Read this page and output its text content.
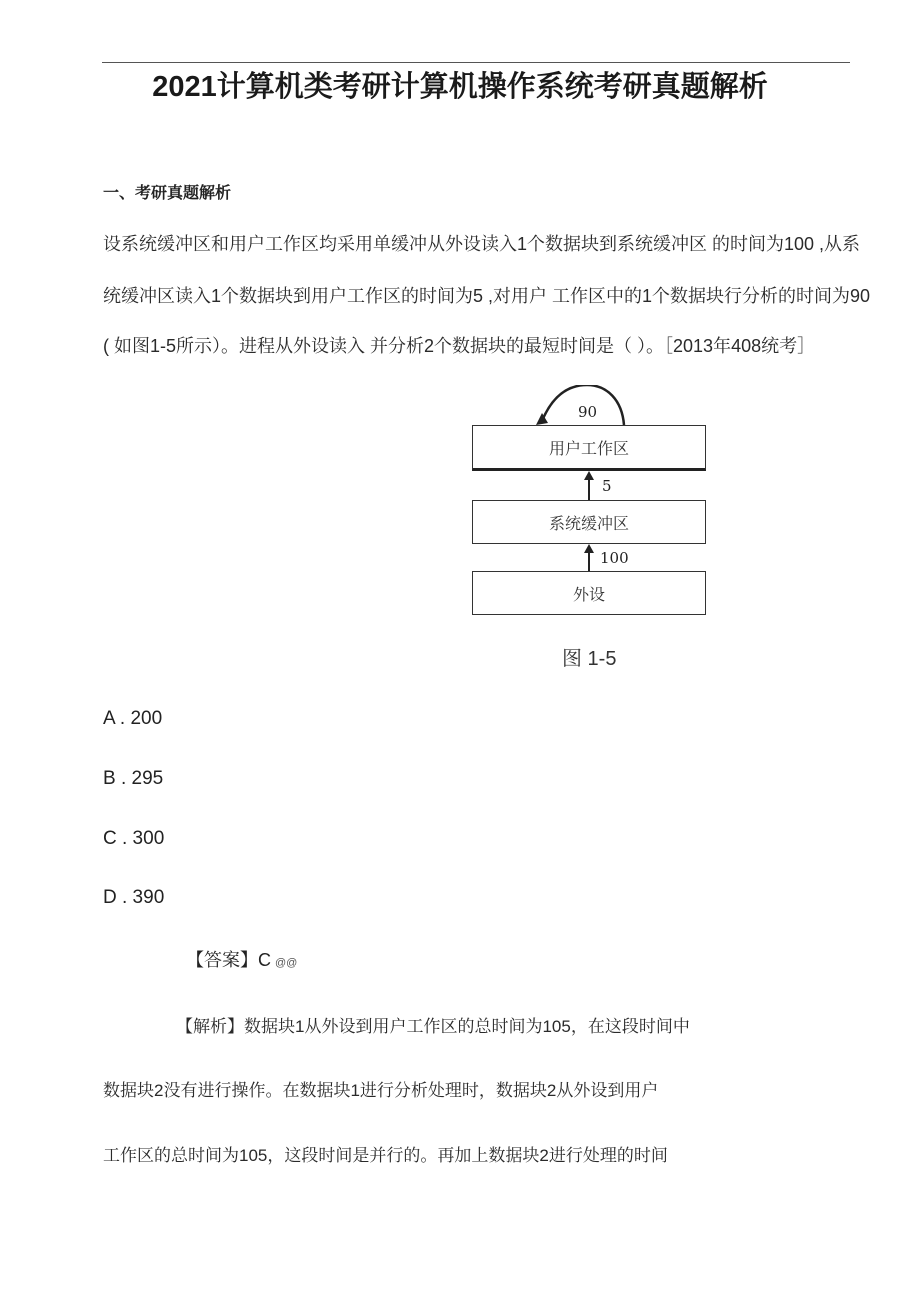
2021计算机类考研计算机操作系统考研真题解析
一、考研真题解析
设系统缓冲区和用户工作区均采用单缓冲从外设读入1个数据块到系统缓冲区 的时间为100 ,从系
统缓冲区读入1个数据块到用户工作区的时间为5 ,对用户 工作区中的1个数据块行分析的时间为90
( 如图1-5所示）。进程从外设读入 并分析2个数据块的最短时间是（ ）。［2013年408统考］
用户工作区
系统缓冲区
外设
90
5
100
图 1-5
A . 200
B . 295
C . 300
D . 390
【答案】C @@
【解析】数据块1从外设到用户工作区的总时间为105，在这段时间中
数据块2没有进行操作。在数据块1进行分析处理时，数据块2从外设到用户
工作区的总时间为105，这段时间是并行的。再加上数据块2进行处理的时间
